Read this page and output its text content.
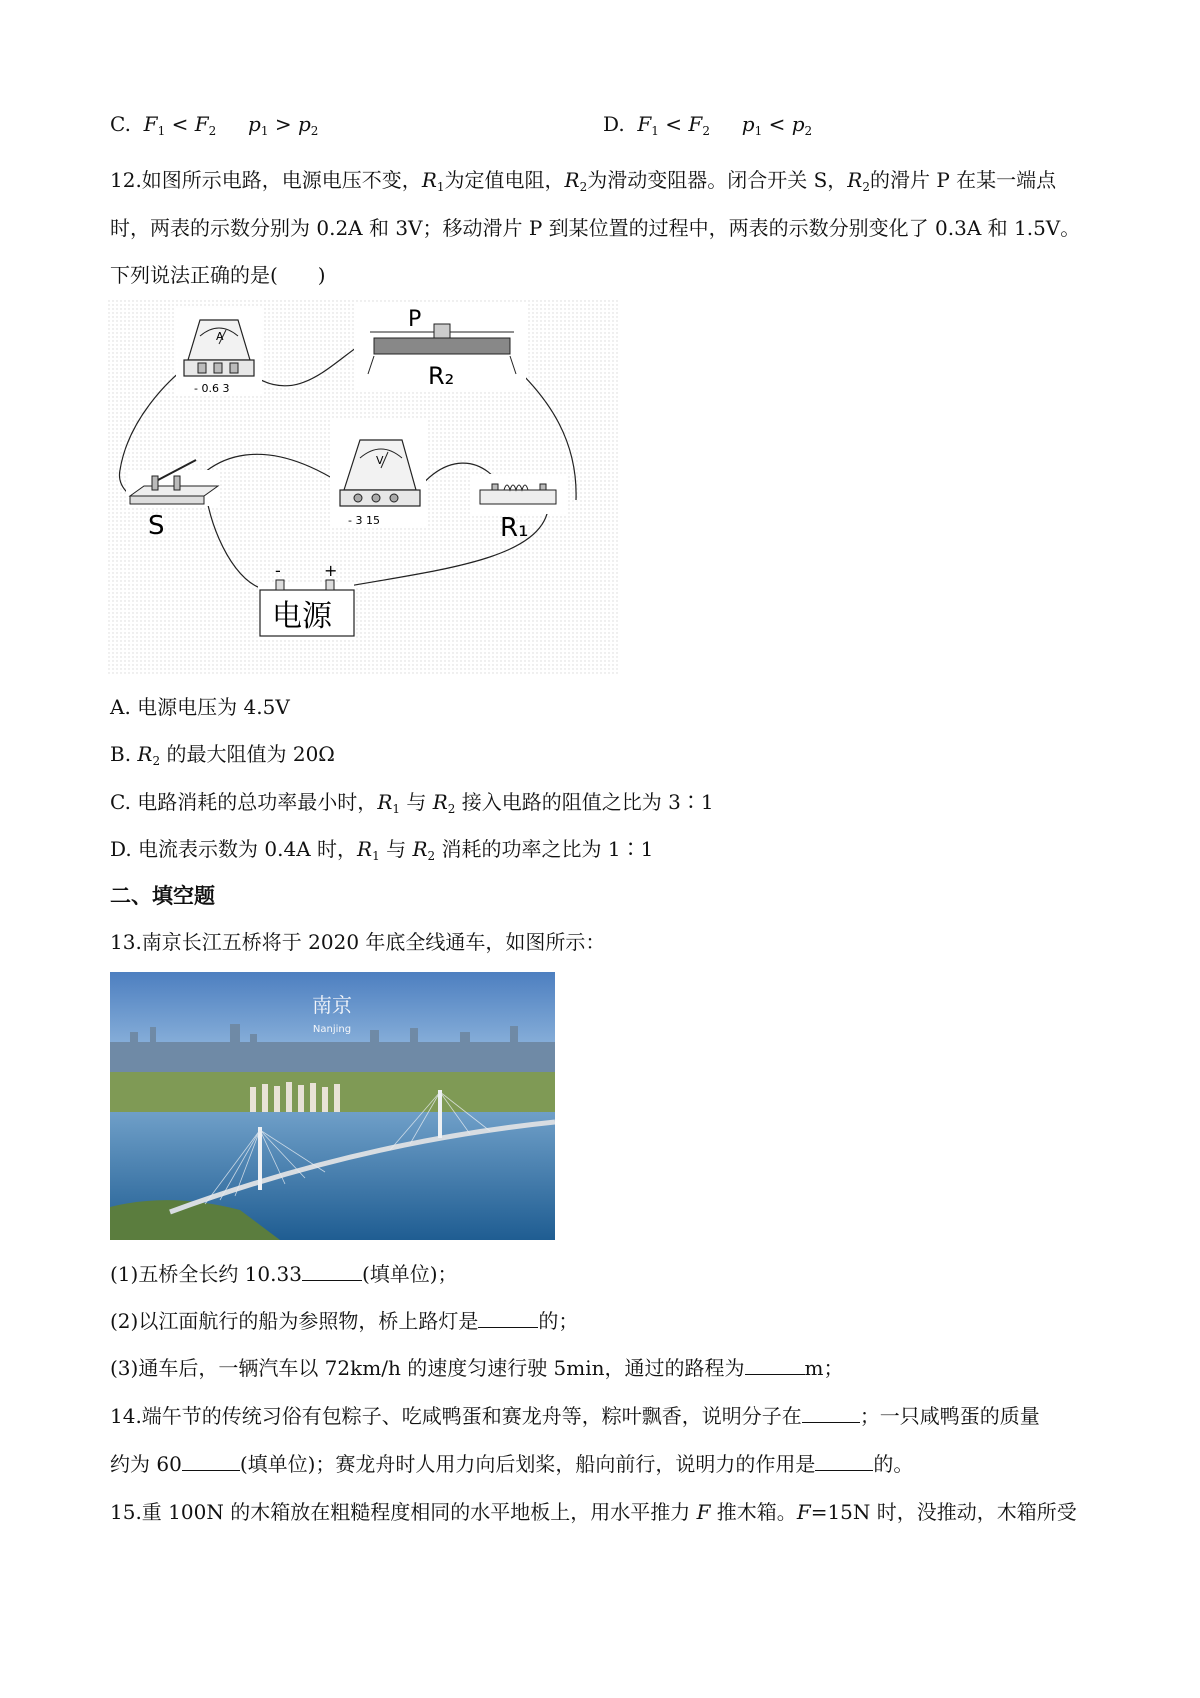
C. $F_1 < F_2$ $p_1 > p_2$	D. $F_1 < F_2$ $p_1 < p_2$
12.如图所示电路，电源电压不变，$R_1$为定值电阻，$R_2$为滑动变阻器。闭合开关 S，$R_2$的滑片 P 在某一端点
时，两表的示数分别为 0.2A 和 3V；移动滑片 P 到某位置的过程中，两表的示数分别变化了 0.3A 和 1.5V。
下列说法正确的是(　　)
A
- 0.6 3
P
R₂
S
V
- 3 15	R₁
-	+
电源
A. 电源电压为 4.5V
B. $R_2$ 的最大阻值为 20Ω
C. 电路消耗的总功率最小时，$R_1$ 与 $R_2$ 接入电路的阻值之比为 3∶1
D. 电流表示数为 0.4A 时，$R_1$ 与 $R_2$ 消耗的功率之比为 1∶1
二、填空题
13.南京长江五桥将于 2020 年底全线通车，如图所示：
南京
Nanjing
(1)五桥全长约 10.33	(填单位)；
(2)以江面航行的船为参照物，桥上路灯是	的；
(3)通车后，一辆汽车以 72km/h 的速度匀速行驶 5min，通过的路程为	m；
14.端午节的传统习俗有包粽子、吃咸鸭蛋和赛龙舟等，粽叶飘香，说明分子在	；一只咸鸭蛋的质量
约为 60	(填单位)；赛龙舟时人用力向后划桨，船向前行，说明力的作用是	的。
15.重 100N 的木箱放在粗糙程度相同的水平地板上，用水平推力 F 推木箱。F=15N 时，没推动，木箱所受
